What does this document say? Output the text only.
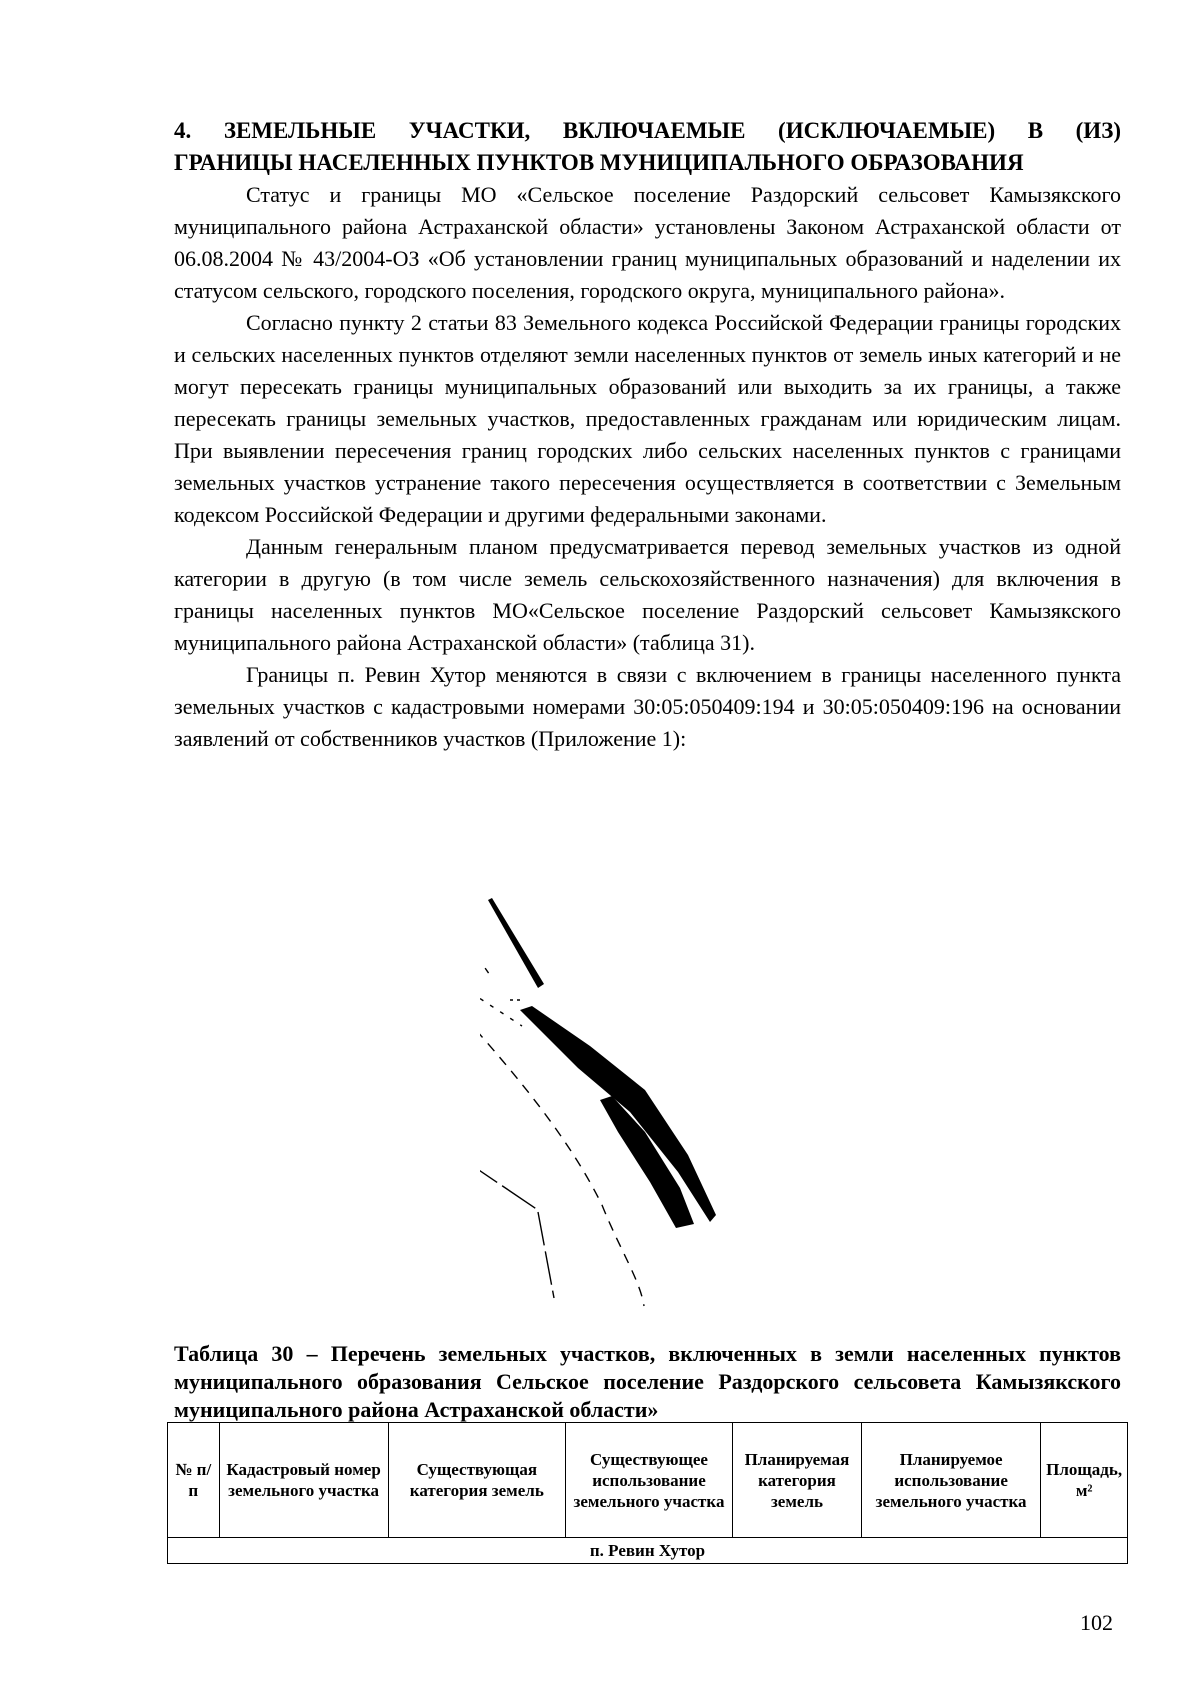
4. ЗЕМЕЛЬНЫЕ УЧАСТКИ, ВКЛЮЧАЕМЫЕ (ИСКЛЮЧАЕМЫЕ) В (ИЗ)
ГРАНИЦЫ НАСЕЛЕННЫХ ПУНКТОВ МУНИЦИПАЛЬНОГО ОБРАЗОВАНИЯ

Статус и границы МО «Сельское поселение Раздорский сельсовет Камызякского муниципального района Астраханской области» установлены Законом Астраханской области от 06.08.2004 № 43/2004-ОЗ «Об установлении границ муниципальных образований и наделении их статусом сельского, городского поселения, городского округа, муниципального района».

Согласно пункту 2 статьи 83 Земельного кодекса Российской Федерации границы городских и сельских населенных пунктов отделяют земли населенных пунктов от земель иных категорий и не могут пересекать границы муниципальных образований или выходить за их границы, а также пересекать границы земельных участков, предоставленных гражданам или юридическим лицам. При выявлении пересечения границ городских либо сельских населенных пунктов с границами земельных участков устранение такого пересечения осуществляется в соответствии с Земельным кодексом Российской Федерации и другими федеральными законами.

Данным генеральным планом предусматривается перевод земельных участков из одной категории в другую (в том числе земель сельскохозяйственного назначения) для включения в границы населенных пунктов МО«Сельское поселение Раздорский сельсовет Камызякского муниципального района Астраханской области» (таблица 31).

Границы п. Ревин Хутор меняются в связи с включением в границы населенного пункта земельных участков с кадастровыми номерами 30:05:050409:194 и 30:05:050409:196 на основании заявлений от собственников участков (Приложение 1):

Таблица 30 – Перечень земельных участков, включенных в земли населенных пунктов муниципального образования Сельское поселение Раздорского сельсовета Камызякского муниципального района Астраханской области»
№ п/п	Кадастровый номер земельного участка	Существующая категория земель	Существующее использование земельного участка	Планируемая категория земель	Планируемое использование земельного участка	Площадь, м²
п. Ревин Хутор
102
